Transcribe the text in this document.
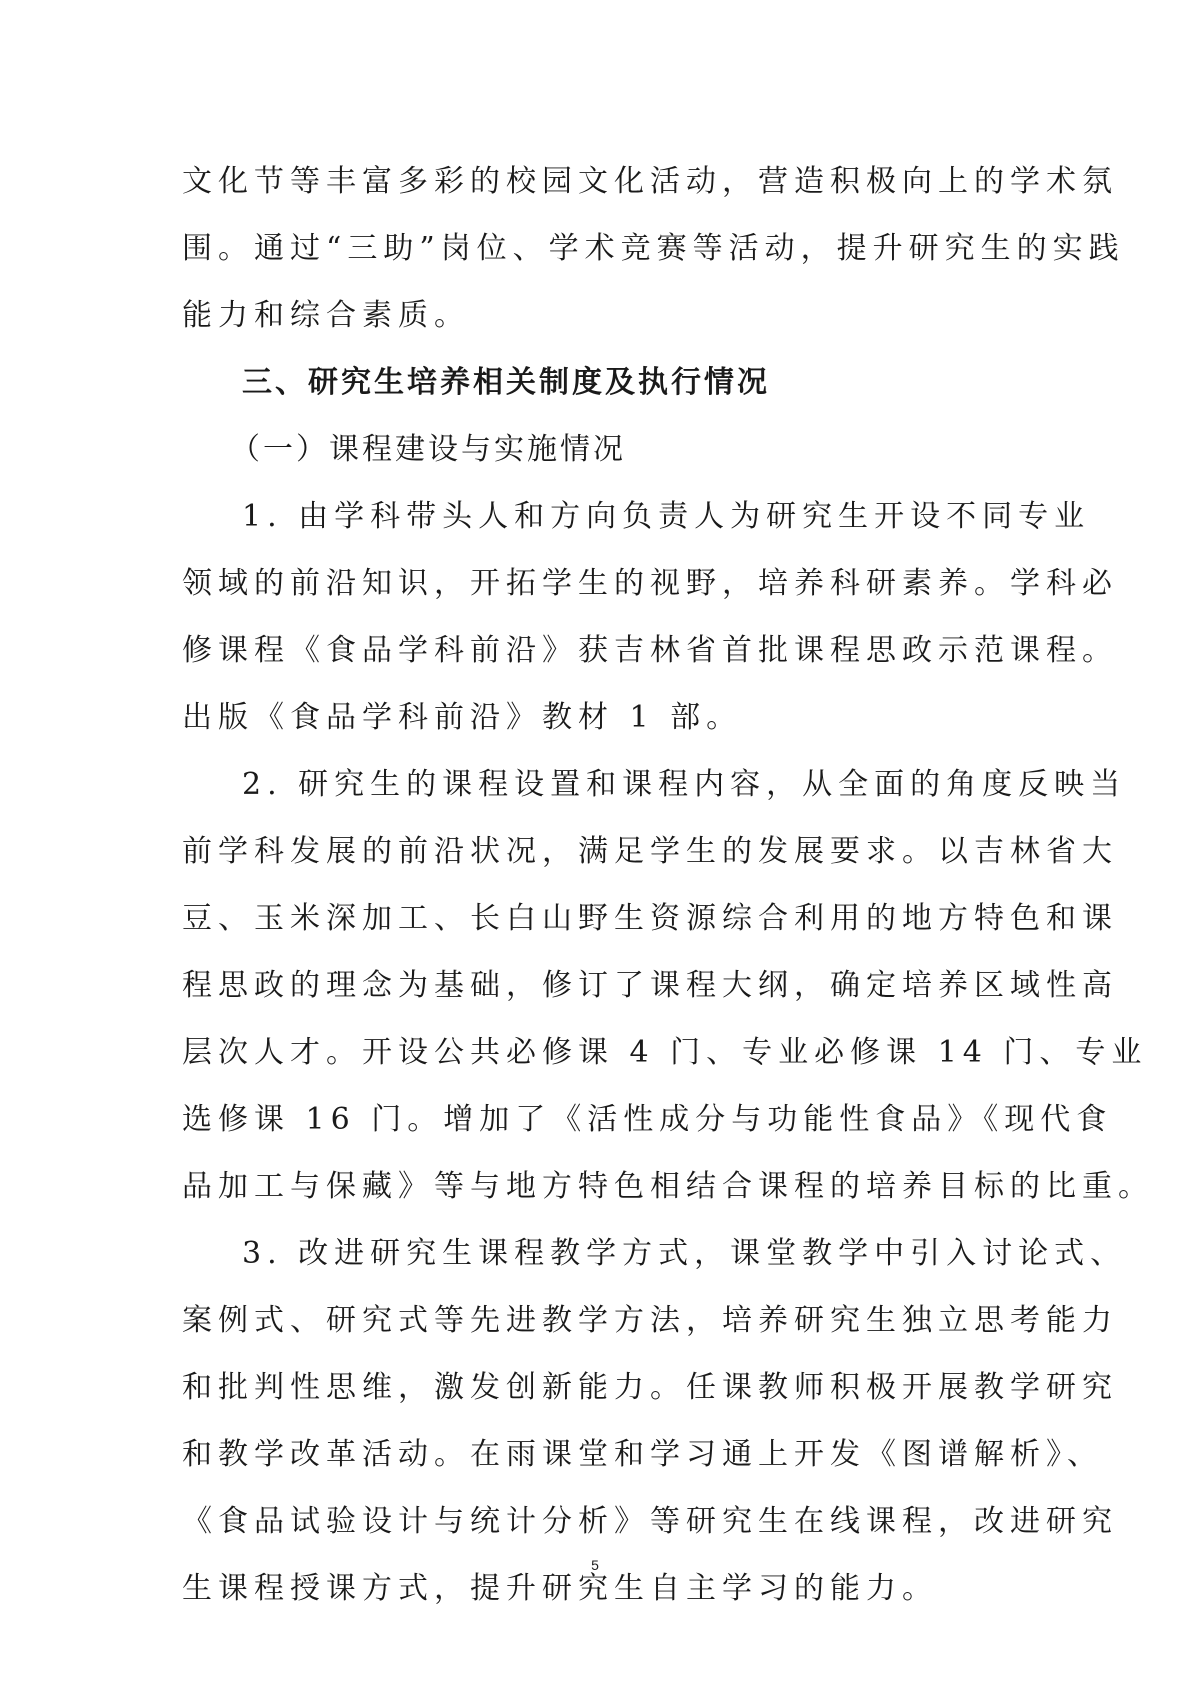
文化节等丰富多彩的校园文化活动，营造积极向上的学术氛
围。通过“三助”岗位、学术竞赛等活动，提升研究生的实践
能力和综合素质。
三、研究生培养相关制度及执行情况
（一）课程建设与实施情况
1. 由学科带头人和方向负责人为研究生开设不同专业
领域的前沿知识，开拓学生的视野，培养科研素养。学科必
修课程《食品学科前沿》获吉林省首批课程思政示范课程。
出版《食品学科前沿》教材 1 部。
2. 研究生的课程设置和课程内容，从全面的角度反映当
前学科发展的前沿状况，满足学生的发展要求。以吉林省大
豆、玉米深加工、长白山野生资源综合利用的地方特色和课
程思政的理念为基础，修订了课程大纲，确定培养区域性高
层次人才。开设公共必修课 4 门、专业必修课 14 门、专业
选修课 16 门。增加了《活性成分与功能性食品》《现代食
品加工与保藏》等与地方特色相结合课程的培养目标的比重。
3. 改进研究生课程教学方式，课堂教学中引入讨论式、
案例式、研究式等先进教学方法，培养研究生独立思考能力
和批判性思维，激发创新能力。任课教师积极开展教学研究
和教学改革活动。在雨课堂和学习通上开发《图谱解析》、
《食品试验设计与统计分析》等研究生在线课程，改进研究
生课程授课方式，提升研究生自主学习的能力。
5
